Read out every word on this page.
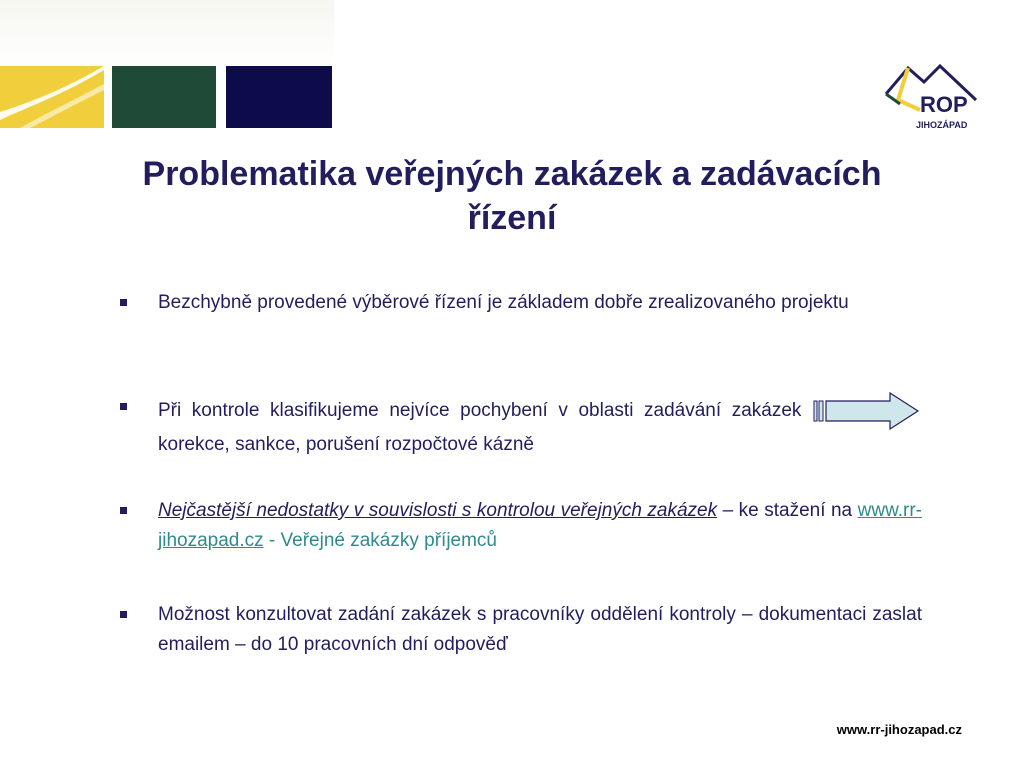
ROP
JIHOZÁPAD
Problematika veřejných zakázek a zadávacích
řízení
Bezchybně provedené výběrové řízení je základem dobře zrealizovaného projektu
Při kontrole klasifikujeme nejvíce pochybení v oblasti zadávání zakázek  korekce, sankce, porušení rozpočtové kázně
Nejčastější nedostatky v souvislosti s kontrolou veřejných zakázek – ke stažení na www.rr-jihozapad.cz - Veřejné zakázky příjemců
Možnost konzultovat zadání zakázek s pracovníky oddělení kontroly – dokumentaci zaslat emailem – do 10 pracovních dní odpověď
www.rr-jihozapad.cz
